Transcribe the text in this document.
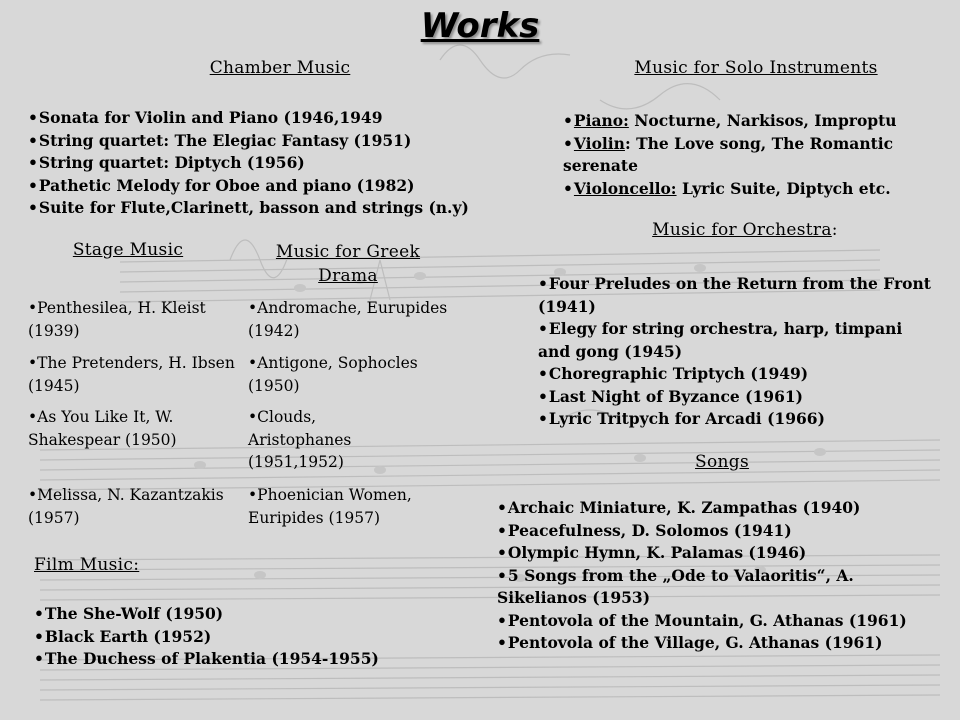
Works
Chamber Music
•Sonata for Violin and Piano (1946,1949
•String quartet: The Elegiac Fantasy (1951)
•String quartet: Diptych (1956)
•Pathetic Melody for Oboe and piano (1982)
•Suite for Flute,Clarinett, basson and strings (n.y)
Music for Solo Instruments
•Piano: Nocturne, Narkisos, Improptu
•Violin: The Love song, The Romantic serenate
•Violoncello: Lyric Suite, Diptych etc.
Music for Orchestra:
•Four Preludes on the Return from the Front (1941)
•Elegy for string orchestra, harp, timpani and gong (1945)
•Choregraphic Triptych (1949)
•Last Night of Byzance (1961)
•Lyric Tritpych for Arcadi (1966)
Stage Music
•Penthesilea, H. Kleist (1939)
•The Pretenders, H. Ibsen (1945)
•As You Like It, W. Shakespear (1950)
•Melissa, N. Kazantzakis (1957)
Music for Greek Drama
•Andromache, Eurupides (1942)
•Antigone, Sophocles (1950)
•Clouds, Aristophanes (1951,1952)
•Phoenician Women, Euripides (1957)
Songs
•Archaic Miniature, K. Zampathas (1940)
•Peacefulness, D. Solomos (1941)
•Olympic Hymn, K. Palamas (1946)
•5 Songs from the „Ode to Valaoritis“, A. Sikelianos (1953)
•Pentovola of the Mountain, G. Athanas (1961)
•Pentovola of the Village, G. Athanas (1961)
Film Music:
•The She-Wolf (1950)
•Black Earth (1952)
•The Duchess of Plakentia (1954-1955)
